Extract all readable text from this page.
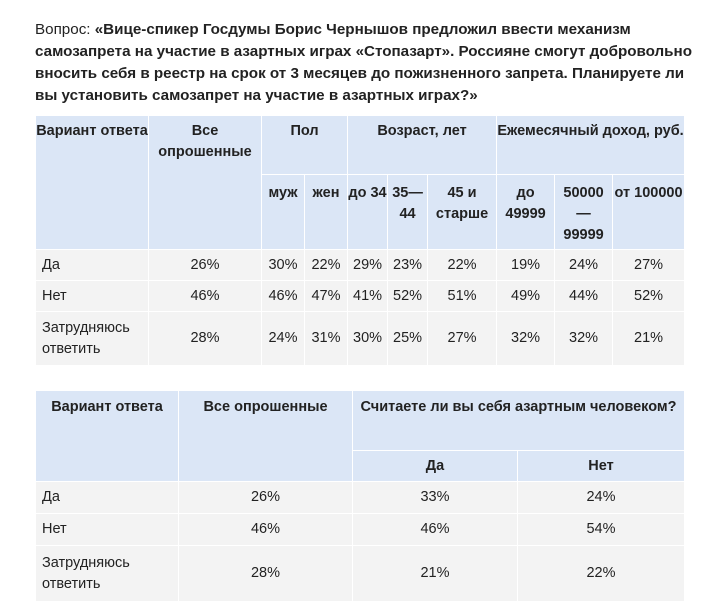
Вопрос: «Вице-спикер Госдумы Борис Чернышов предложил ввести механизм самозапрета на участие в азартных играх «Стопазарт». Россияне смогут добровольно вносить себя в реестр на срок от 3 месяцев до пожизненного запрета. Планируете ли вы установить самозапрет на участие в азартных играх?»
Вариант ответа	Все опрошенные	Пол		Возраст, лет			Ежемесячный доход, руб.		
		муж	жен	до 34	35—44	45 и старше	до 49999	50000 — 99999	от 100000
Да	26%	30%	22%	29%	23%	22%	19%	24%	27%
Нет	46%	46%	47%	41%	52%	51%	49%	44%	52%
Затрудняюсь ответить	28%	24%	31%	30%	25%	27%	32%	32%	21%
Вариант ответа	Все опрошенные	Считаете ли вы себя азартным человеком?	
		Да	Нет
Да	26%	33%	24%
Нет	46%	46%	54%
Затрудняюсь ответить	28%	21%	22%
